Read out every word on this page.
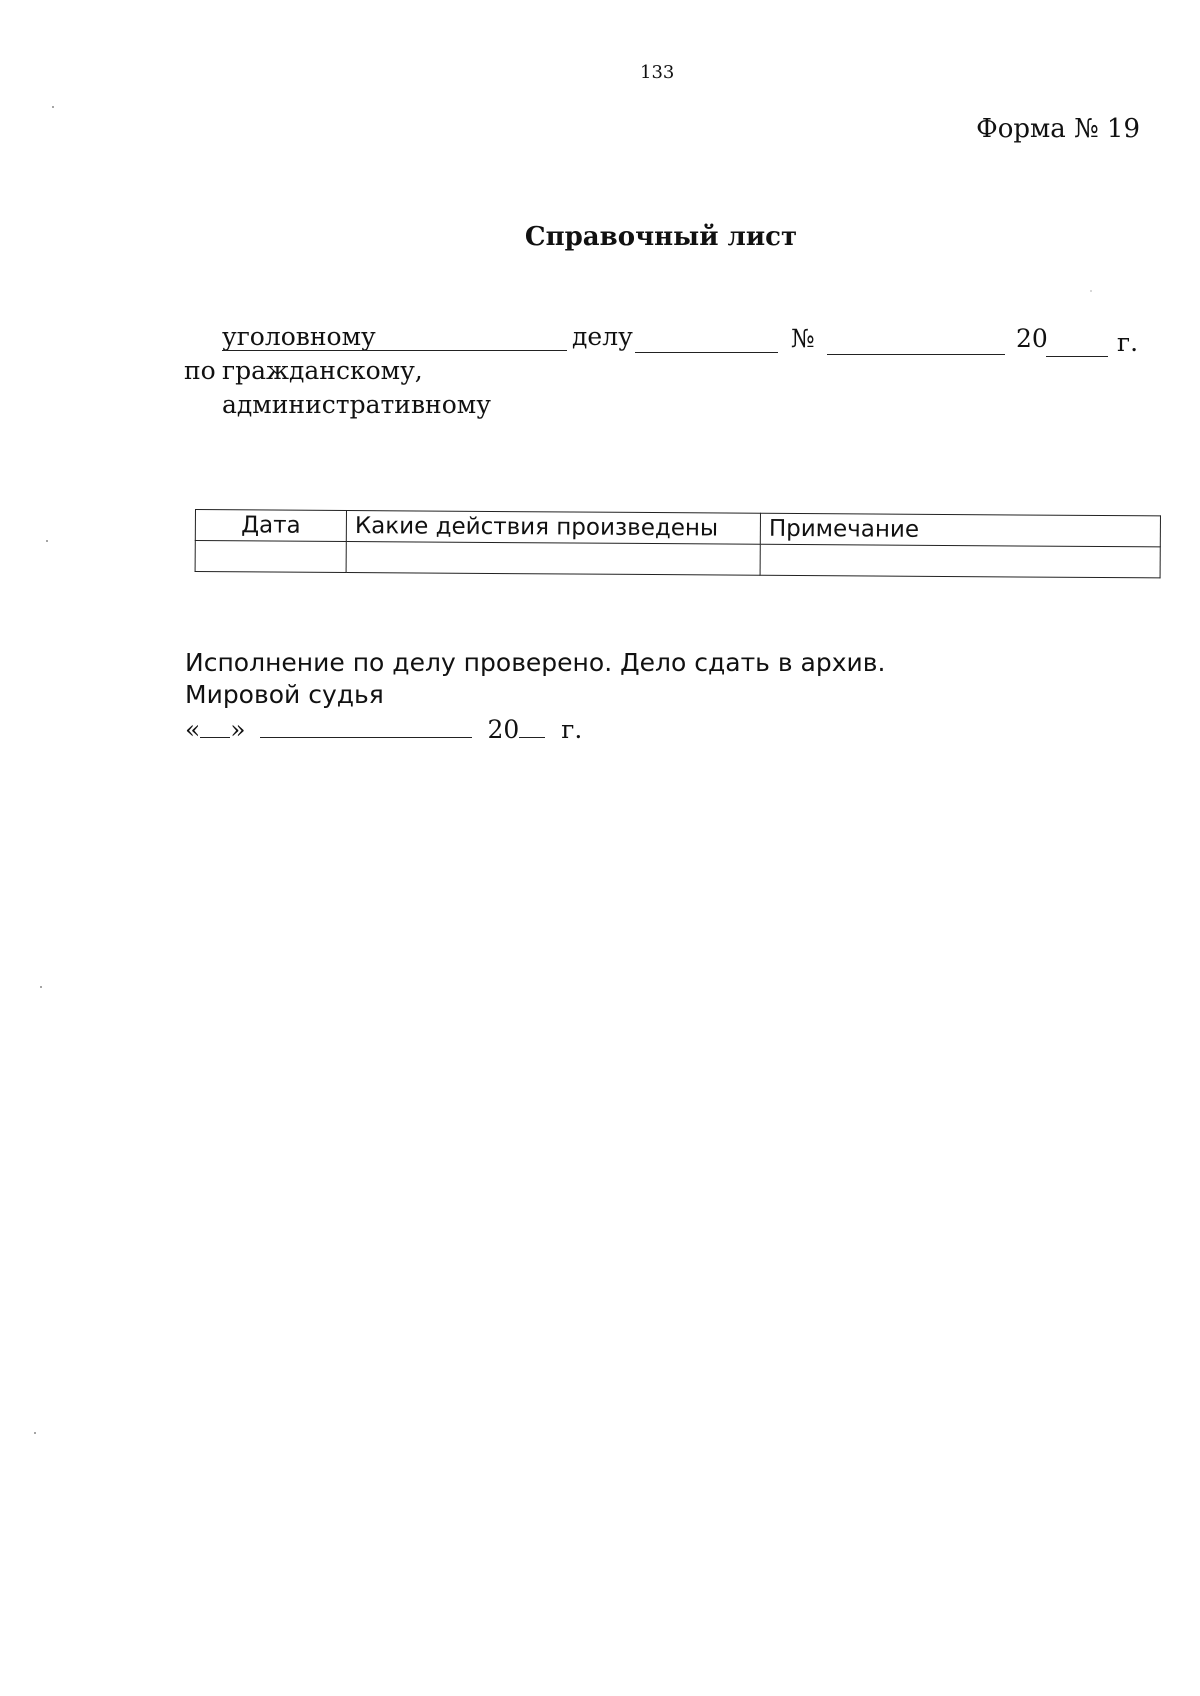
133
Форма № 19
Справочный лист
по
уголовному
гражданскому,
административному
делу	№	20	г.
Дата	Какие действия произведены	Примечание

Исполнение по делу проверено. Дело сдать в архив.
Мировой судья
« »	20 г.
